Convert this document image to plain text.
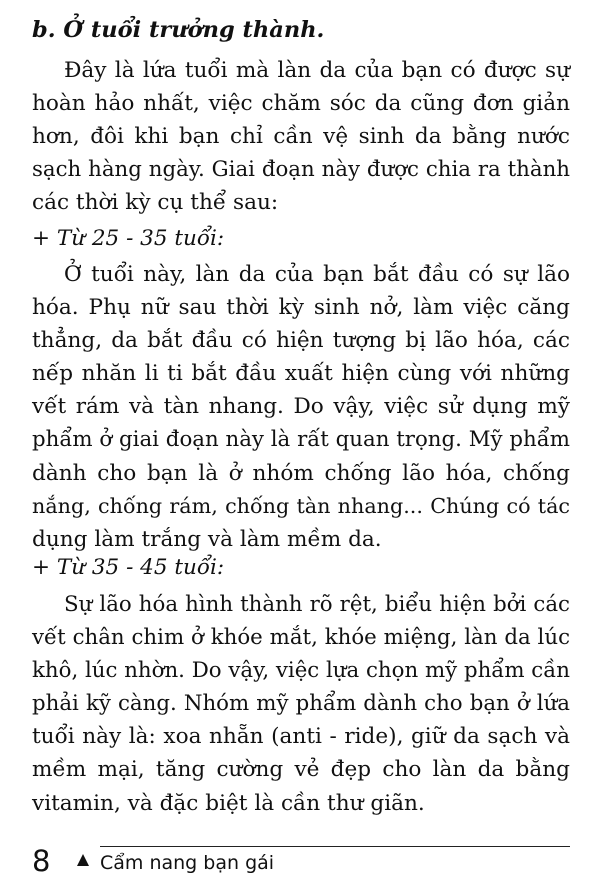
b. Ở tuổi trưởng thành.
Đây là lứa tuổi mà làn da của bạn có được sự
hoàn hảo nhất, việc chăm sóc da cũng đơn giản
hơn, đôi khi bạn chỉ cần vệ sinh da bằng nước
sạch hàng ngày. Giai đoạn này được chia ra thành
các thời kỳ cụ thể sau:
+ Từ 25 - 35 tuổi:
Ở tuổi này, làn da của bạn bắt đầu có sự lão
hóa. Phụ nữ sau thời kỳ sinh nở, làm việc căng
thẳng, da bắt đầu có hiện tượng bị lão hóa, các
nếp nhăn li ti bắt đầu xuất hiện cùng với những
vết rám và tàn nhang. Do vậy, việc sử dụng mỹ
phẩm ở giai đoạn này là rất quan trọng. Mỹ phẩm
dành cho bạn là ở nhóm chống lão hóa, chống
nắng, chống rám, chống tàn nhang... Chúng có tác
dụng làm trắng và làm mềm da.
+ Từ 35 - 45 tuổi:
Sự lão hóa hình thành rõ rệt, biểu hiện bởi các
vết chân chim ở khóe mắt, khóe miệng, làn da lúc
khô, lúc nhờn. Do vậy, việc lựa chọn mỹ phẩm cần
phải kỹ càng. Nhóm mỹ phẩm dành cho bạn ở lứa
tuổi này là: xoa nhẵn (anti - ride), giữ da sạch và
mềm mại, tăng cường vẻ đẹp cho làn da bằng
vitamin, và đặc biệt là cần thư giãn.
8	Cẩm nang bạn gái
